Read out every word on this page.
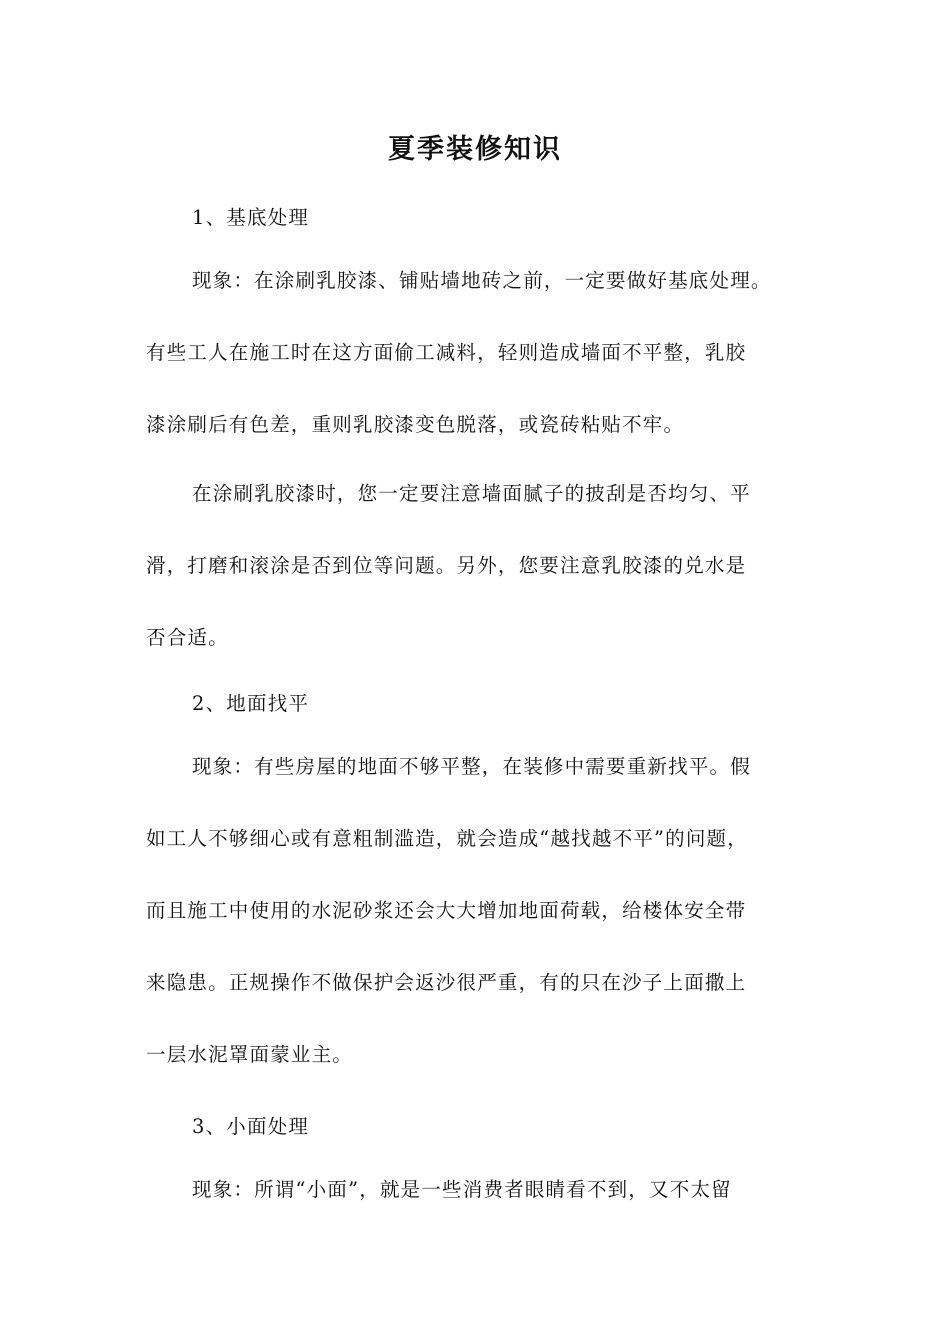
夏季装修知识
1、基底处理
现象：在涂刷乳胶漆、铺贴墙地砖之前，一定要做好基底处理。
有些工人在施工时在这方面偷工减料，轻则造成墙面不平整，乳胶
漆涂刷后有色差，重则乳胶漆变色脱落，或瓷砖粘贴不牢。
在涂刷乳胶漆时，您一定要注意墙面腻子的披刮是否均匀、平
滑，打磨和滚涂是否到位等问题。另外，您要注意乳胶漆的兑水是
否合适。
2、地面找平
现象：有些房屋的地面不够平整，在装修中需要重新找平。假
如工人不够细心或有意粗制滥造，就会造成“越找越不平”的问题，
而且施工中使用的水泥砂浆还会大大增加地面荷载，给楼体安全带
来隐患。正规操作不做保护会返沙很严重，有的只在沙子上面撒上
一层水泥罩面蒙业主。
3、小面处理
现象：所谓“小面”，就是一些消费者眼睛看不到，又不太留
